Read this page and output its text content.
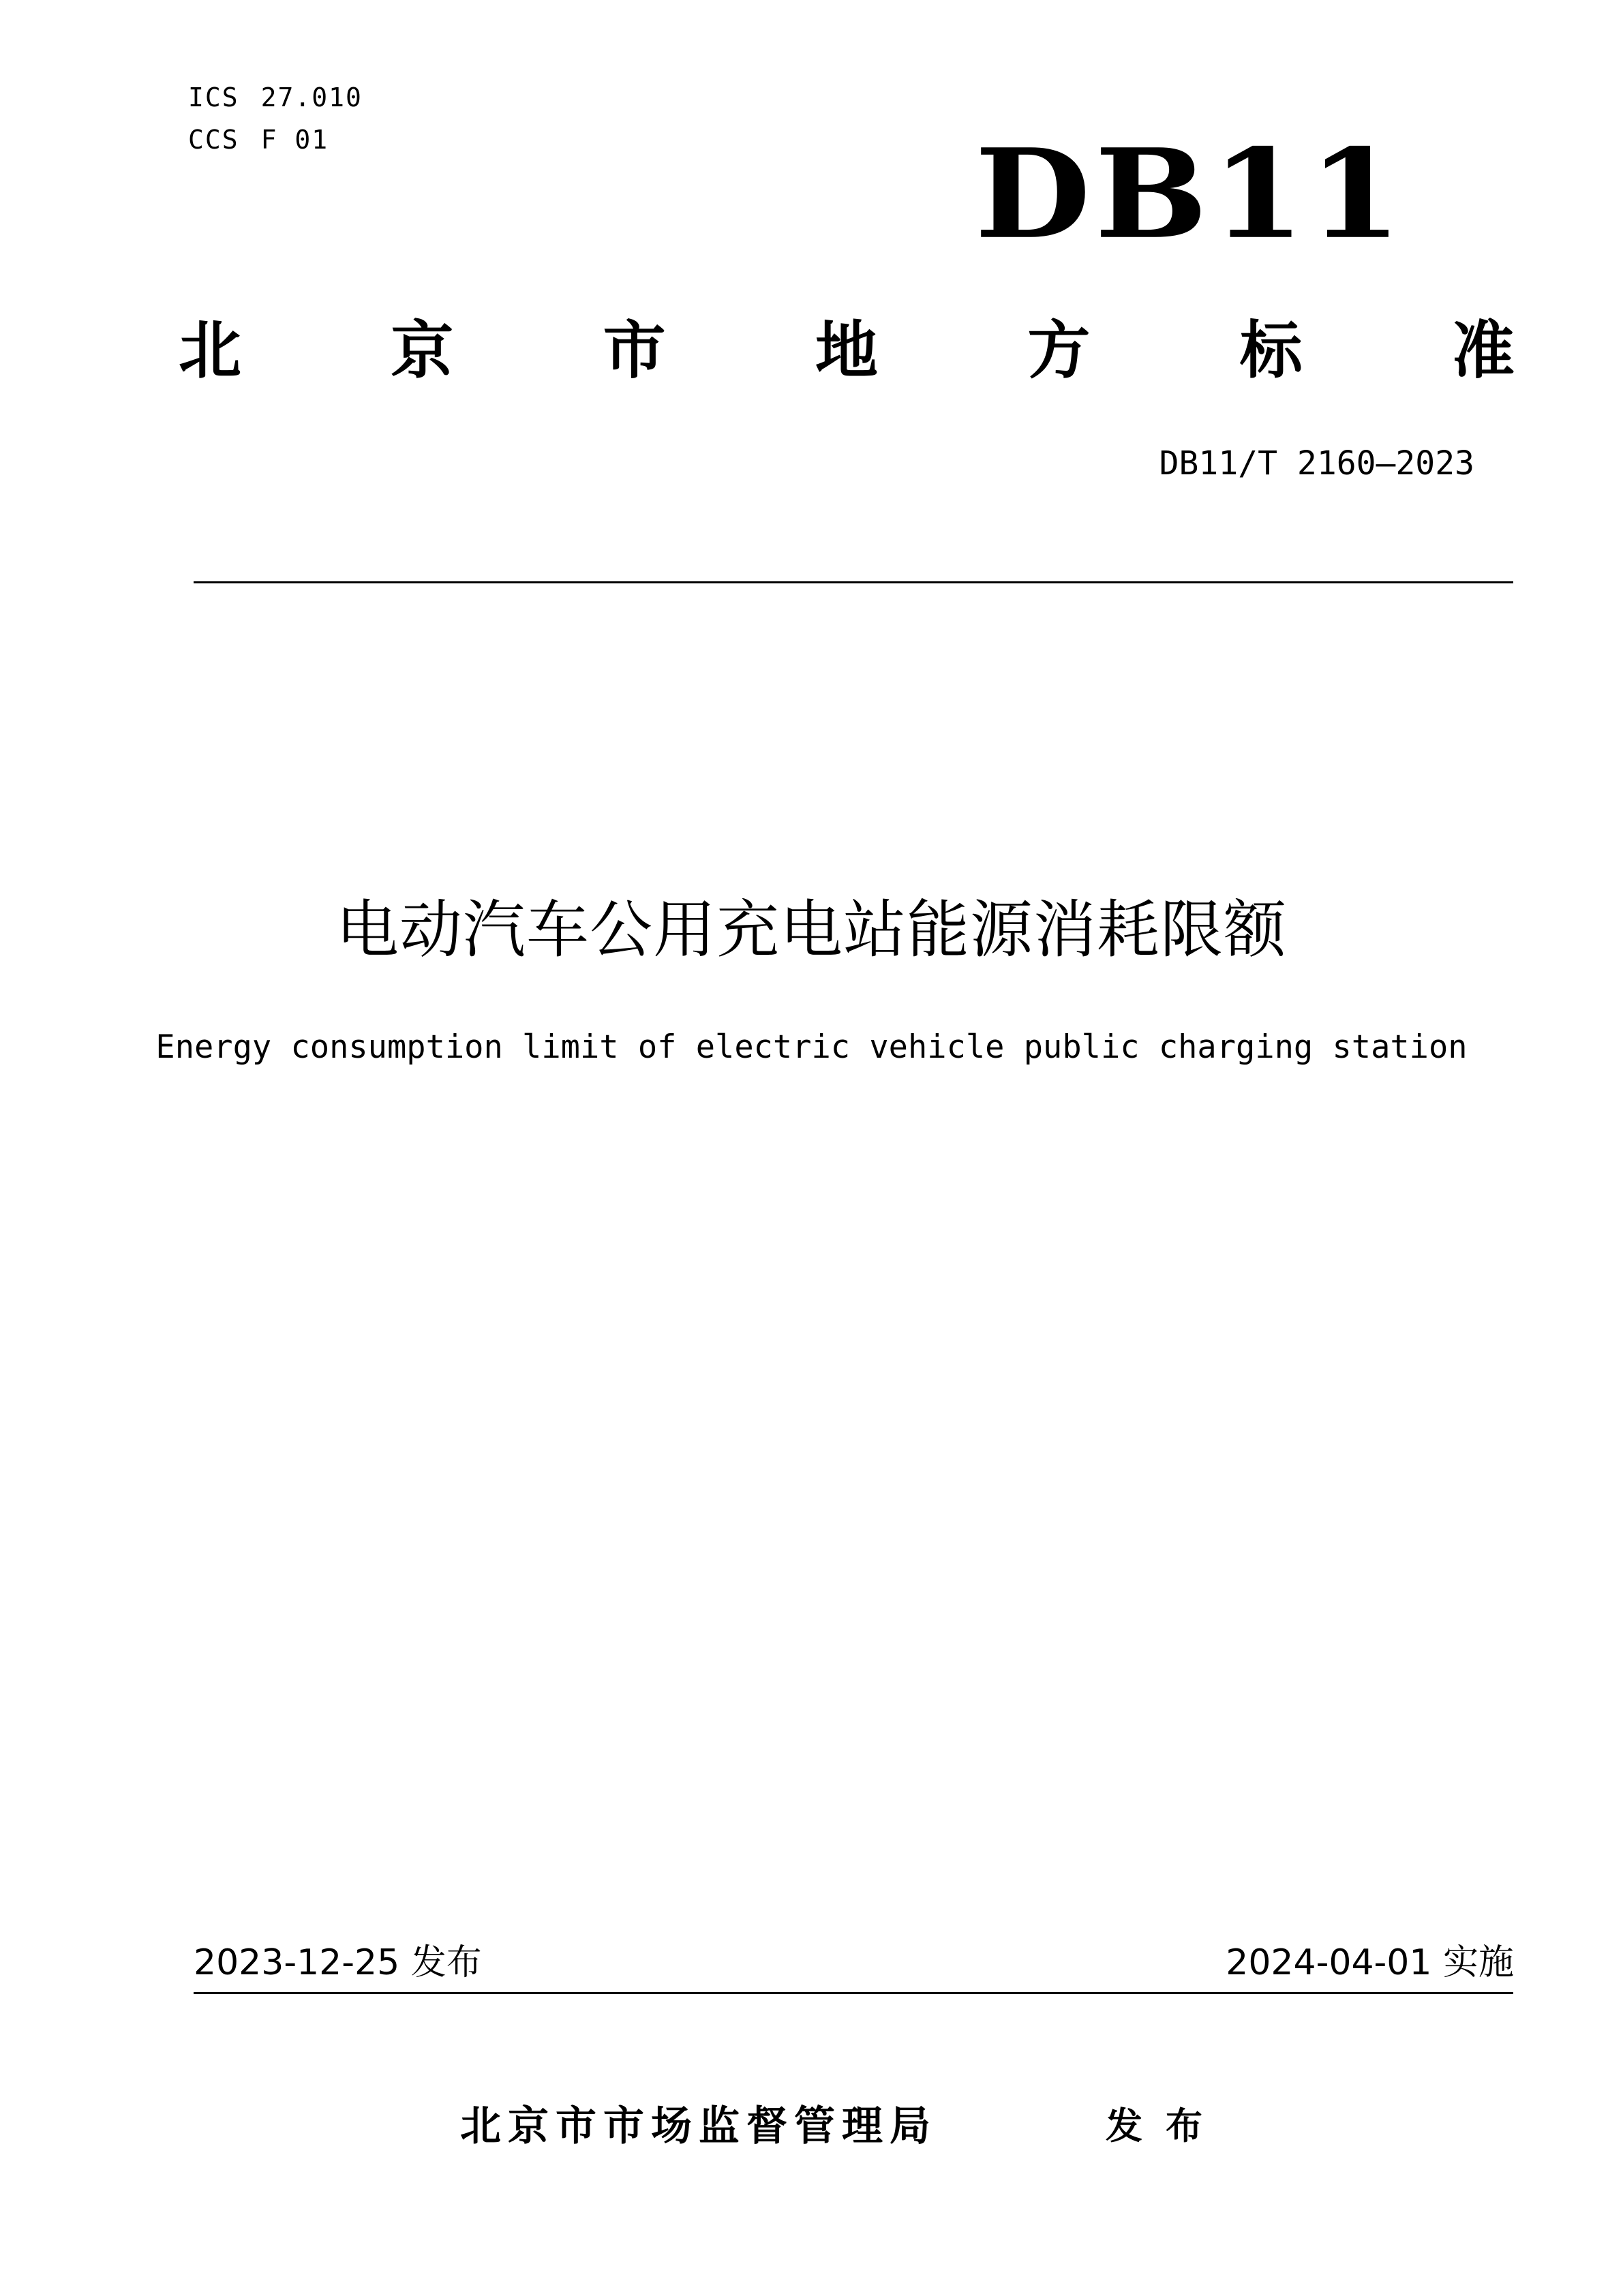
ICS 27.010
CCS F 01	DB11
北 京 市 地 方 标 准
DB11/T 2160—2023
电动汽车公用充电站能源消耗限额
Energy consumption limit of electric vehicle public charging station
2023-12-25 发布	2024-04-01 实施
北京市市场监督管理局	发布
